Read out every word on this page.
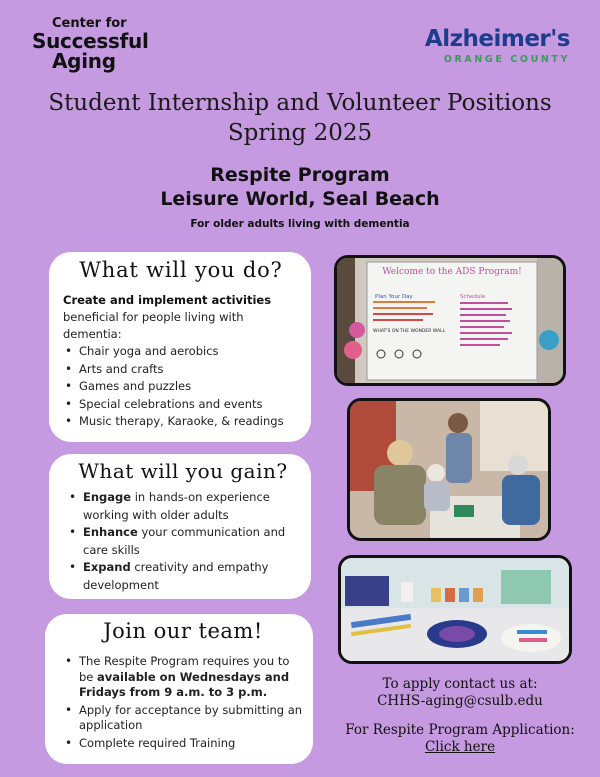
Center for
Successful
Aging
Alzheimer's
ORANGE COUNTY
Student Internship and Volunteer Positions
Spring 2025
Respite Program
Leisure World, Seal Beach
For older adults living with dementia
What will you do?

Create and implement activities
beneficial for people living with dementia:

• Chair yoga and aerobics
• Arts and crafts
• Games and puzzles
• Special celebrations and events
• Music therapy, Karaoke, & readings
What will you gain?
• Engage in hands-on experience working with older adults
• Enhance your communication and care skills
• Expand creativity and empathy development
Join our team!
• The Respite Program requires you to be available on Wednesdays and Fridays from 9 a.m. to 3 p.m.
• Apply for acceptance by submitting an application
• Complete required Training
Welcome to the ADS Program!
Plan Your Day
WHAT'S ON THE WONDER WALL
Schedule
To apply contact us at:
CHHS-aging@csulb.edu
For Respite Program Application:
Click here
